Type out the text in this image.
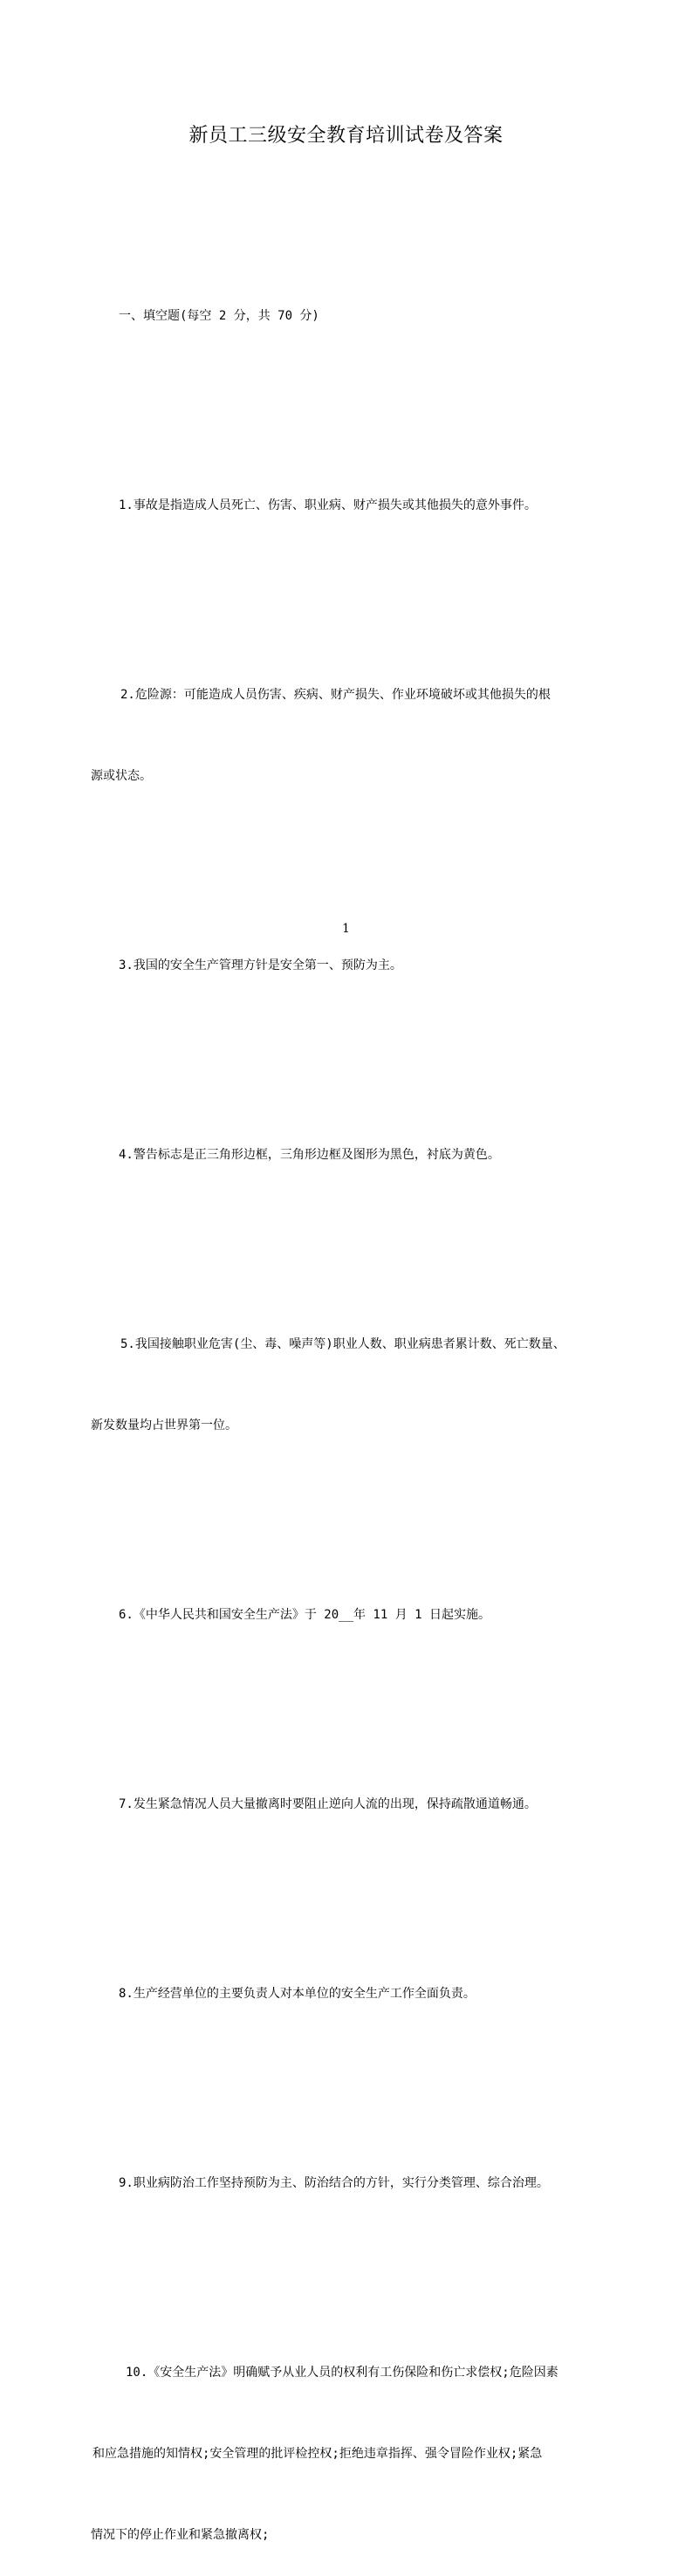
新员工三级安全教育培训试卷及答案

一、填空题(每空 2 分，共 70 分)

1.事故是指造成人员死亡、伤害、职业病、财产损失或其他损失的意外事件。

2.危险源：可能造成人员伤害、疾病、财产损失、作业环境破坏或其他损失的根

源或状态。

3.我国的安全生产管理方针是安全第一、预防为主。

4.警告标志是正三角形边框，三角形边框及图形为黑色，衬底为黄色。

5.我国接触职业危害(尘、毒、噪声等)职业人数、职业病患者累计数、死亡数量、

新发数量均占世界第一位。

6.《中华人民共和国安全生产法》于 20__年 11 月 1 日起实施。

7.发生紧急情况人员大量撤离时要阻止逆向人流的出现，保持疏散通道畅通。

8.生产经营单位的主要负责人对本单位的安全生产工作全面负责。

9.职业病防治工作坚持预防为主、防治结合的方针，实行分类管理、综合治理。

10.《安全生产法》明确赋予从业人员的权利有工伤保险和伤亡求偿权;危险因素

和应急措施的知情权;安全管理的批评检控权;拒绝违章指挥、强令冒险作业权;紧急

情况下的停止作业和紧急撤离权;

1
